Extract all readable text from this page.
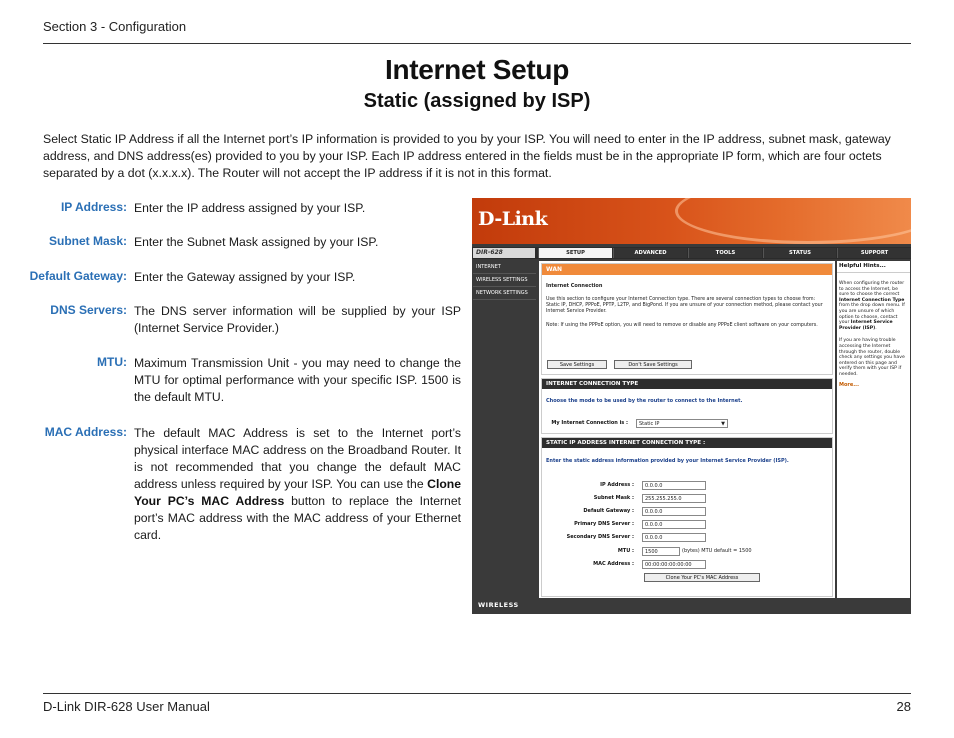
Section 3 - Configuration
Internet Setup
Static (assigned by ISP)
Select Static IP Address if all the Internet port’s IP information is provided to you by your ISP. You will need to enter in the IP address, subnet mask, gateway address, and DNS address(es) provided to you by your ISP. Each IP address entered in the fields must be in the appropriate IP form, which are four octets separated by a dot (x.x.x.x). The Router will not accept the IP address if it is not in this format.
IP Address: Enter the IP address assigned by your ISP.
Subnet Mask: Enter the Subnet Mask assigned by your ISP.
Default Gateway: Enter the Gateway assigned by your ISP.
DNS Servers: The DNS server information will be supplied by your ISP (Internet Service Provider.)
MTU: Maximum Transmission Unit - you may need to change the MTU for optimal performance with your specific ISP. 1500 is the default MTU.
MAC Address: The default MAC Address is set to the Internet port’s physical interface MAC address on the Broadband Router. It is not recommended that you change the default MAC address unless required by your ISP. You can use the Clone Your PC’s MAC Address button to replace the Internet port’s MAC address with the MAC address of your Ethernet card.
D-Link
DIR-628	SETUP	ADVANCED	TOOLS	STATUS	SUPPORT
INTERNET
WIRELESS SETTINGS
NETWORK SETTINGS
WAN
Internet Connection
Use this section to configure your Internet Connection type. There are several connection types to choose from: Static IP, DHCP, PPPoE, PPTP, L2TP, and BigPond. If you are unsure of your connection method, please contact your Internet Service Provider.
Note: If using the PPPoE option, you will need to remove or disable any PPPoE client software on your computers.
Save Settings	Don't Save Settings
INTERNET CONNECTION TYPE
Choose the mode to be used by the router to connect to the Internet.
My Internet Connection is :	Static IP	▼
STATIC IP ADDRESS INTERNET CONNECTION TYPE :
Enter the static address information provided by your Internet Service Provider (ISP).
IP Address :	0.0.0.0
Subnet Mask :	255.255.255.0
Default Gateway :	0.0.0.0
Primary DNS Server :	0.0.0.0
Secondary DNS Server :	0.0.0.0
MTU :	1500	(bytes) MTU default = 1500
MAC Address :	00:00:00:00:00:00
Clone Your PC's MAC Address
Helpful Hints...
When configuring the router to access the Internet, be sure to choose the correct Internet Connection Type from the drop down menu. If you are unsure of which option to choose, contact your Internet Service Provider (ISP).
If you are having trouble accessing the Internet through the router, double check any settings you have entered on this page and verify them with your ISP if needed.
More...
WIRELESS
D-Link DIR-628 User Manual	28
